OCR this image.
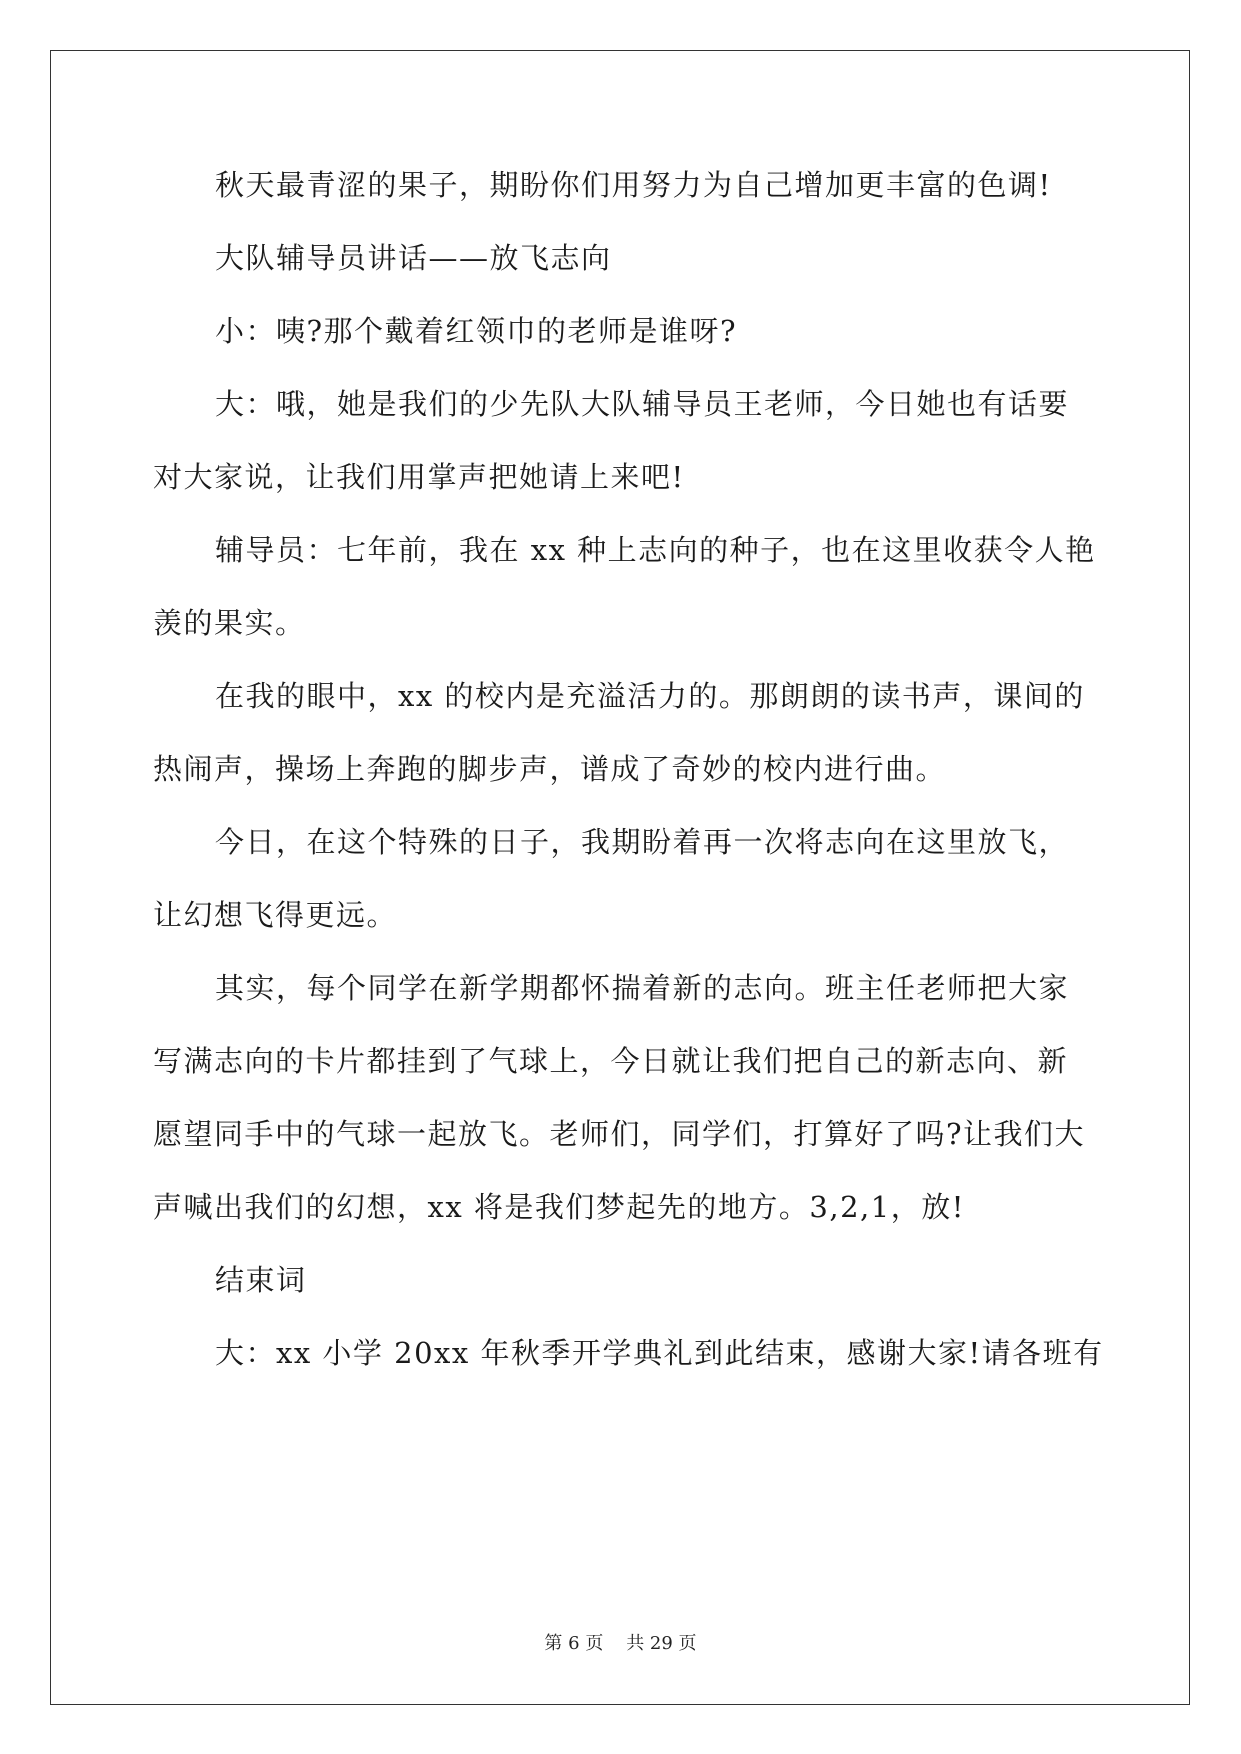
秋天最青涩的果子，期盼你们用努力为自己增加更丰富的色调!
大队辅导员讲话——放飞志向
小：咦?那个戴着红领巾的老师是谁呀?
大：哦，她是我们的少先队大队辅导员王老师，今日她也有话要
对大家说，让我们用掌声把她请上来吧!
辅导员：七年前，我在 xx 种上志向的种子，也在这里收获令人艳
羡的果实。
在我的眼中，xx 的校内是充溢活力的。那朗朗的读书声，课间的
热闹声，操场上奔跑的脚步声，谱成了奇妙的校内进行曲。
今日，在这个特殊的日子，我期盼着再一次将志向在这里放飞，
让幻想飞得更远。
其实，每个同学在新学期都怀揣着新的志向。班主任老师把大家
写满志向的卡片都挂到了气球上，今日就让我们把自己的新志向、新
愿望同手中的气球一起放飞。老师们，同学们，打算好了吗?让我们大
声喊出我们的幻想，xx 将是我们梦起先的地方。3,2,1，放!
结束词
大：xx 小学 20xx 年秋季开学典礼到此结束，感谢大家!请各班有
第 6 页    共 29 页
